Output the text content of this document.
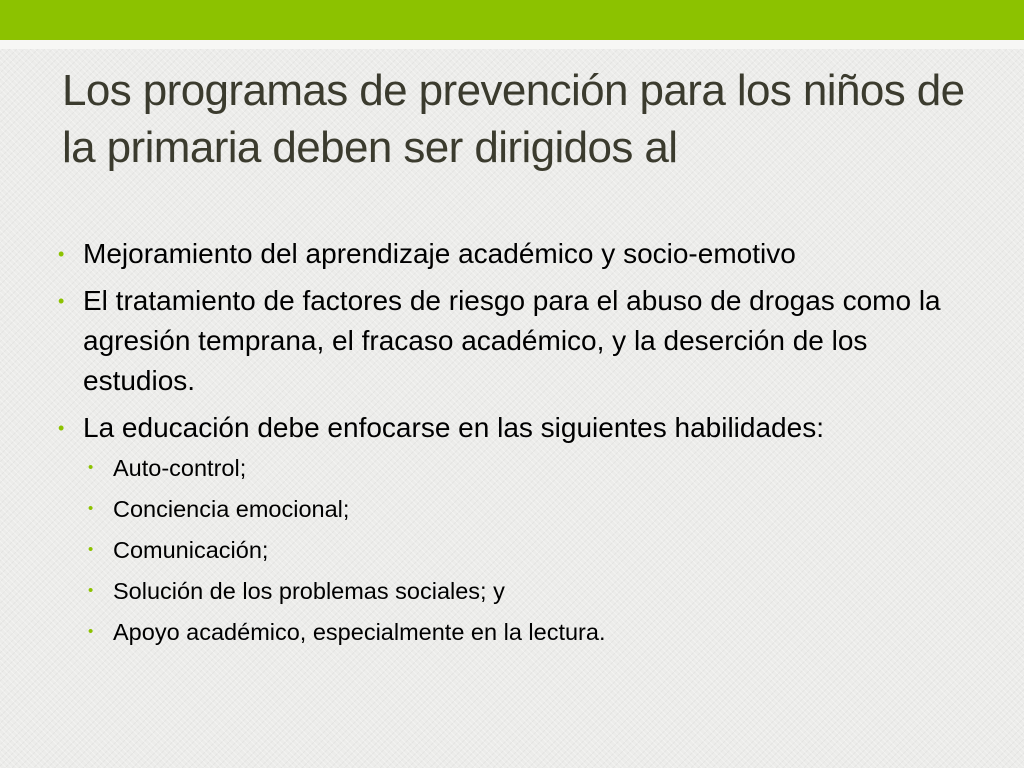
Los programas de prevención para los niños de la primaria deben ser dirigidos al
• Mejoramiento del aprendizaje académico y socio-emotivo
• El tratamiento de factores de riesgo para el abuso de drogas como la agresión temprana, el fracaso académico, y la deserción de los estudios.
• La educación debe enfocarse en las siguientes habilidades:
• Auto-control;
• Conciencia emocional;
• Comunicación;
• Solución de los problemas sociales; y
• Apoyo académico, especialmente en la lectura.
